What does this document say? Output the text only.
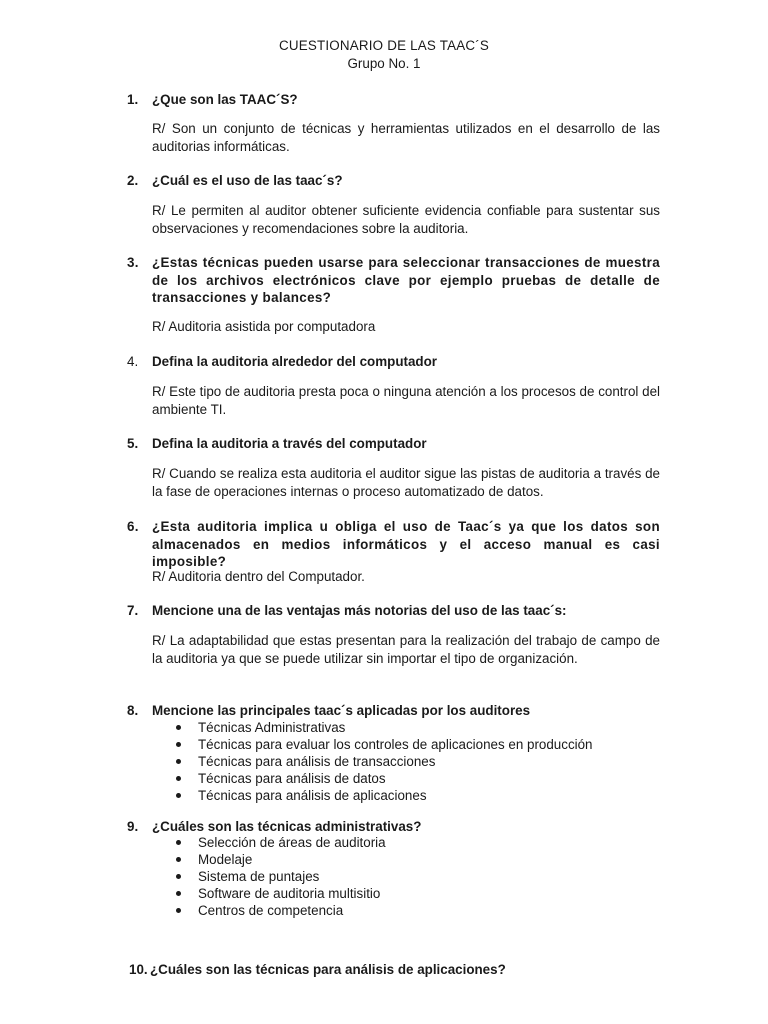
CUESTIONARIO DE LAS TAAC´S
Grupo No. 1
1. ¿Que son las TAAC´S?
R/ Son un conjunto de técnicas y herramientas utilizados en el desarrollo de las auditorias informáticas.
2. ¿Cuál es el uso de las taac´s?
R/ Le permiten al auditor obtener suficiente evidencia confiable para sustentar sus observaciones y recomendaciones sobre la auditoria.
3. ¿Estas técnicas pueden usarse para seleccionar transacciones de muestra de los archivos electrónicos clave por ejemplo pruebas de detalle de transacciones y balances?
R/ Auditoria asistida por computadora
4. Defina la auditoria alrededor del computador
R/ Este tipo de auditoria presta poca o ninguna atención a los procesos de control del ambiente TI.
5. Defina la auditoria a través del computador
R/ Cuando se realiza esta auditoria el auditor sigue las pistas de auditoria a través de la fase de operaciones internas o proceso automatizado de datos.
6. ¿Esta auditoria implica u obliga el uso de Taac´s ya que los datos son almacenados en medios informáticos y el acceso manual es casi imposible?
R/ Auditoria dentro del Computador.
7. Mencione una de las ventajas más notorias del uso de las taac´s:
R/ La adaptabilidad que estas presentan para la realización del trabajo de campo de la auditoria ya que se puede utilizar sin importar el tipo de organización.
8. Mencione las principales taac´s aplicadas por los auditores
Técnicas Administrativas
Técnicas para evaluar los controles de aplicaciones en producción
Técnicas para análisis de transacciones
Técnicas para análisis de datos
Técnicas para análisis de aplicaciones
9. ¿Cuáles son las técnicas administrativas?
Selección de áreas de auditoria
Modelaje
Sistema de puntajes
Software de auditoria multisitio
Centros de competencia
10. ¿Cuáles son las técnicas para análisis de aplicaciones?
